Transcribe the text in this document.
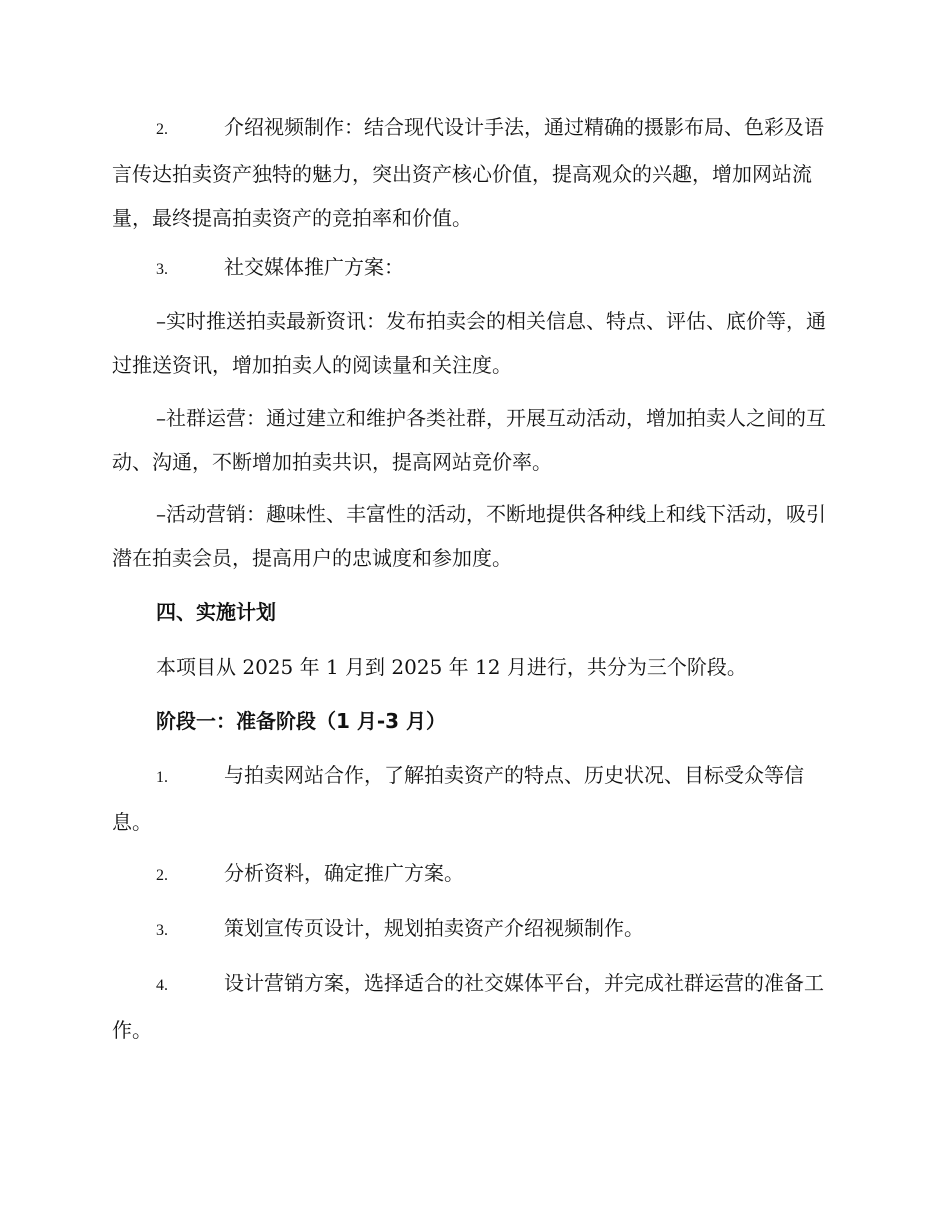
2.	介绍视频制作：结合现代设计手法，通过精确的摄影布局、色彩及语言传达拍卖资产独特的魅力，突出资产核心价值，提高观众的兴趣，增加网站流量，最终提高拍卖资产的竞拍率和价值。

3.	社交媒体推广方案：

–实时推送拍卖最新资讯：发布拍卖会的相关信息、特点、评估、底价等，通过推送资讯，增加拍卖人的阅读量和关注度。

–社群运营：通过建立和维护各类社群，开展互动活动，增加拍卖人之间的互动、沟通，不断增加拍卖共识，提高网站竞价率。

–活动营销：趣味性、丰富性的活动，不断地提供各种线上和线下活动，吸引潜在拍卖会员，提高用户的忠诚度和参加度。

四、实施计划

本项目从 2025 年 1 月到 2025 年 12 月进行，共分为三个阶段。

阶段一：准备阶段（1 月-3 月）

1.	与拍卖网站合作，了解拍卖资产的特点、历史状况、目标受众等信息。

2.	分析资料，确定推广方案。

3.	策划宣传页设计，规划拍卖资产介绍视频制作。

4.	设计营销方案，选择适合的社交媒体平台，并完成社群运营的准备工作。
